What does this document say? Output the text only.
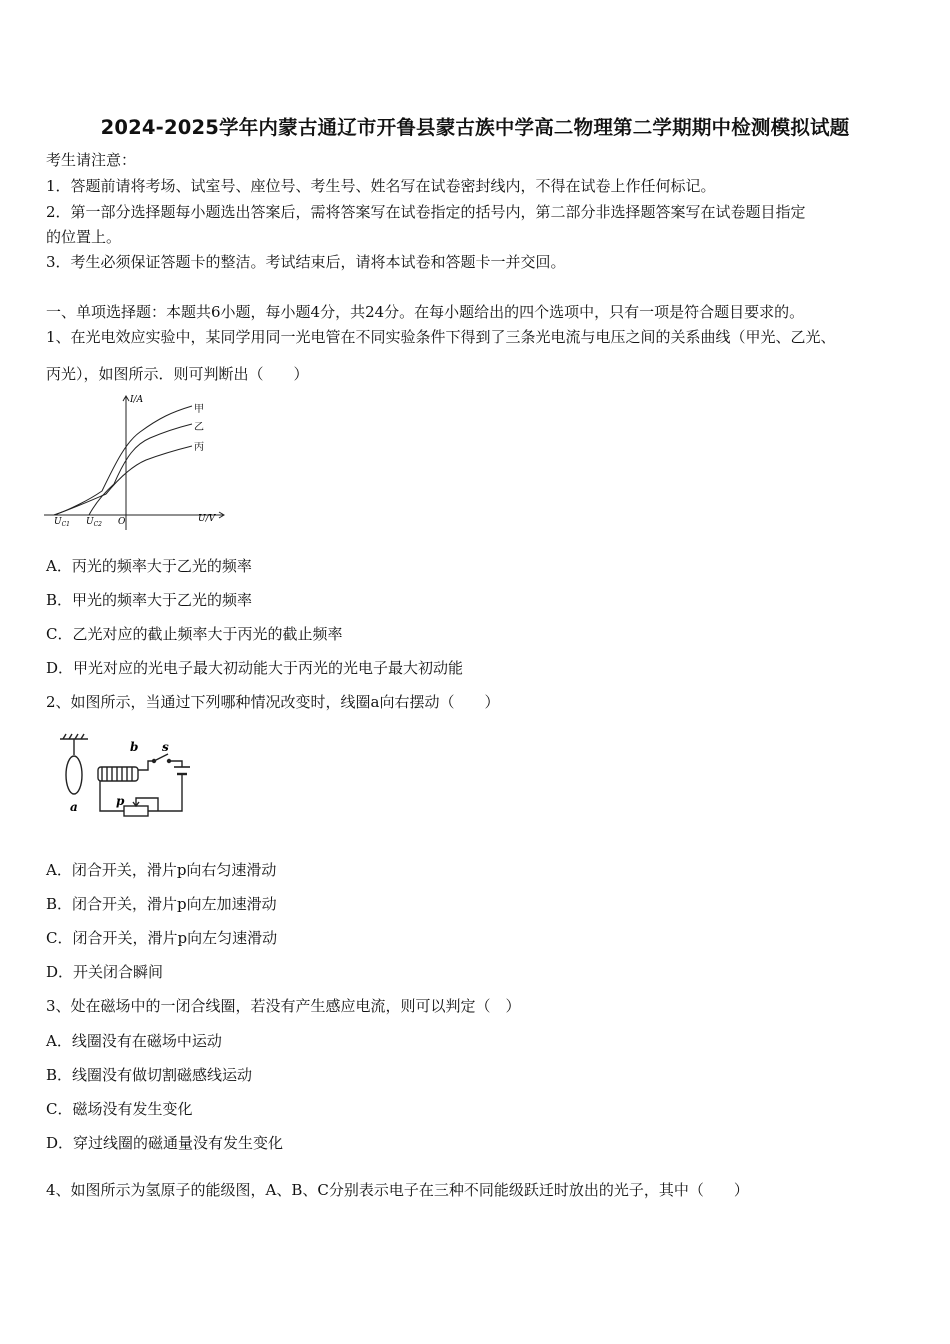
2024-2025学年内蒙古通辽市开鲁县蒙古族中学高二物理第二学期期中检测模拟试题
考生请注意：
1．答题前请将考场、试室号、座位号、考生号、姓名写在试卷密封线内，不得在试卷上作任何标记。
2．第一部分选择题每小题选出答案后，需将答案写在试卷指定的括号内，第二部分非选择题答案写在试卷题目指定
的位置上。
3．考生必须保证答题卡的整洁。考试结束后，请将本试卷和答题卡一并交回。
一、单项选择题：本题共6小题，每小题4分，共24分。在每小题给出的四个选项中，只有一项是符合题目要求的。
1、在光电效应实验中，某同学用同一光电管在不同实验条件下得到了三条光电流与电压之间的关系曲线（甲光、乙光、
丙光），如图所示．则可判断出（　　）
I/A
U/V
O
$U_{C1}$ $U_{C2}$
甲
乙
丙
A．丙光的频率大于乙光的频率
B．甲光的频率大于乙光的频率
C．乙光对应的截止频率大于丙光的截止频率
D．甲光对应的光电子最大初动能大于丙光的光电子最大初动能
2、如图所示，当通过下列哪种情况改变时，线圈a向右摆动（　　）
a
b s
p
A．闭合开关，滑片p向右匀速滑动
B．闭合开关，滑片p向左加速滑动
C．闭合开关，滑片p向左匀速滑动
D．开关闭合瞬间
3、处在磁场中的一闭合线圈，若没有产生感应电流，则可以判定（　）
A．线圈没有在磁场中运动
B．线圈没有做切割磁感线运动
C．磁场没有发生变化
D．穿过线圈的磁通量没有发生变化
4、如图所示为氢原子的能级图，A、B、C分别表示电子在三种不同能级跃迁时放出的光子，其中（　　）
